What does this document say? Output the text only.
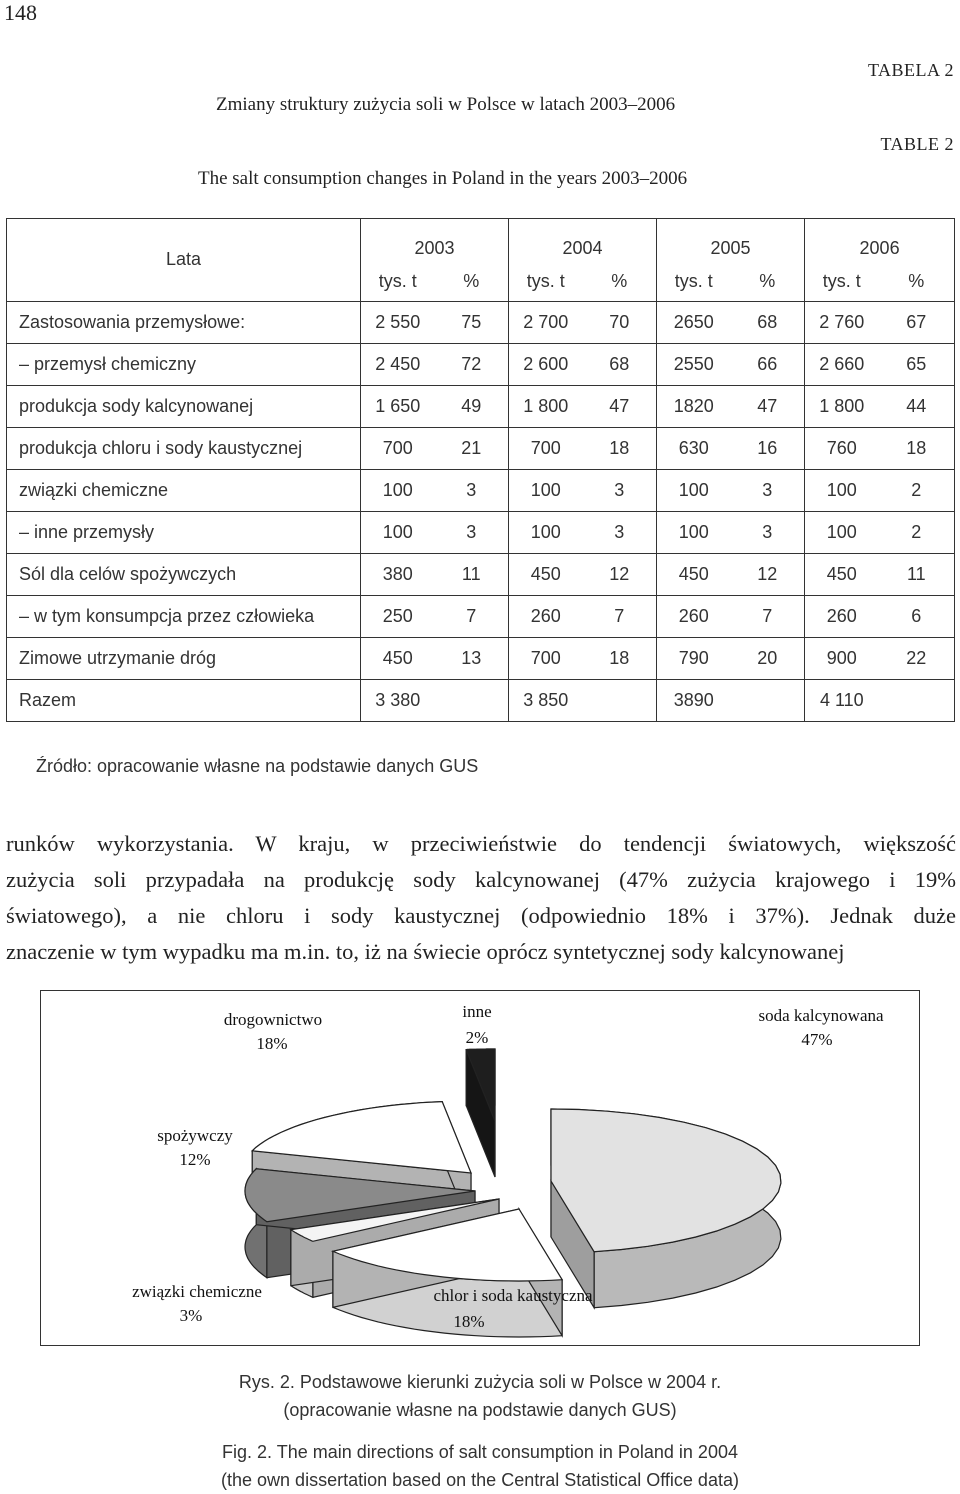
148
TABELA 2
Zmiany struktury zużycia soli w Polsce w latach 2003–2006
TABLE 2
The salt consumption changes in Poland in the years 2003–2006
Lata	2003		2004		2005		2006	
	tys. t	%	tys. t	%	tys. t	%	tys. t	%
Zastosowania przemysłowe:	2 550	75	2 700	70	2650	68	2 760	67
– przemysł chemiczny	2 450	72	2 600	68	2550	66	2 660	65
produkcja sody kalcynowanej	1 650	49	1 800	47	1820	47	1 800	44
produkcja chloru i sody kaustycznej	700	21	700	18	630	16	760	18
związki chemiczne	100	3	100	3	100	3	100	2
– inne przemysły	100	3	100	3	100	3	100	2
Sól dla celów spożywczych	380	11	450	12	450	12	450	11
– w tym konsumpcja przez człowieka	250	7	260	7	260	7	260	6
Zimowe utrzymanie dróg	450	13	700	18	790	20	900	22
Razem	3 380		3 850		3890		4 110	
Źródło: opracowanie własne na podstawie danych GUS
runków wykorzystania. W kraju, w przeciwieństwie do tendencji światowych, większość
zużycia soli przypadała na produkcję sody kalcynowanej (47% zużycia krajowego i 19%
światowego), a nie chloru i sody kaustycznej (odpowiednio 18% i 37%). Jednak duże
znaczenie w tym wypadku ma m.in. to, iż na świecie oprócz syntetycznej sody kalcynowanej
soda kalcynowana
47%
chlor i soda kaustyczna
18%
związki chemiczne
3%
spożywczy
12%
drogownictwo
18%
inne
2%
Rys. 2. Podstawowe kierunki zużycia soli w Polsce w 2004 r.
(opracowanie własne na podstawie danych GUS)
Fig. 2. The main directions of salt consumption in Poland in 2004
(the own dissertation based on the Central Statistical Office data)
